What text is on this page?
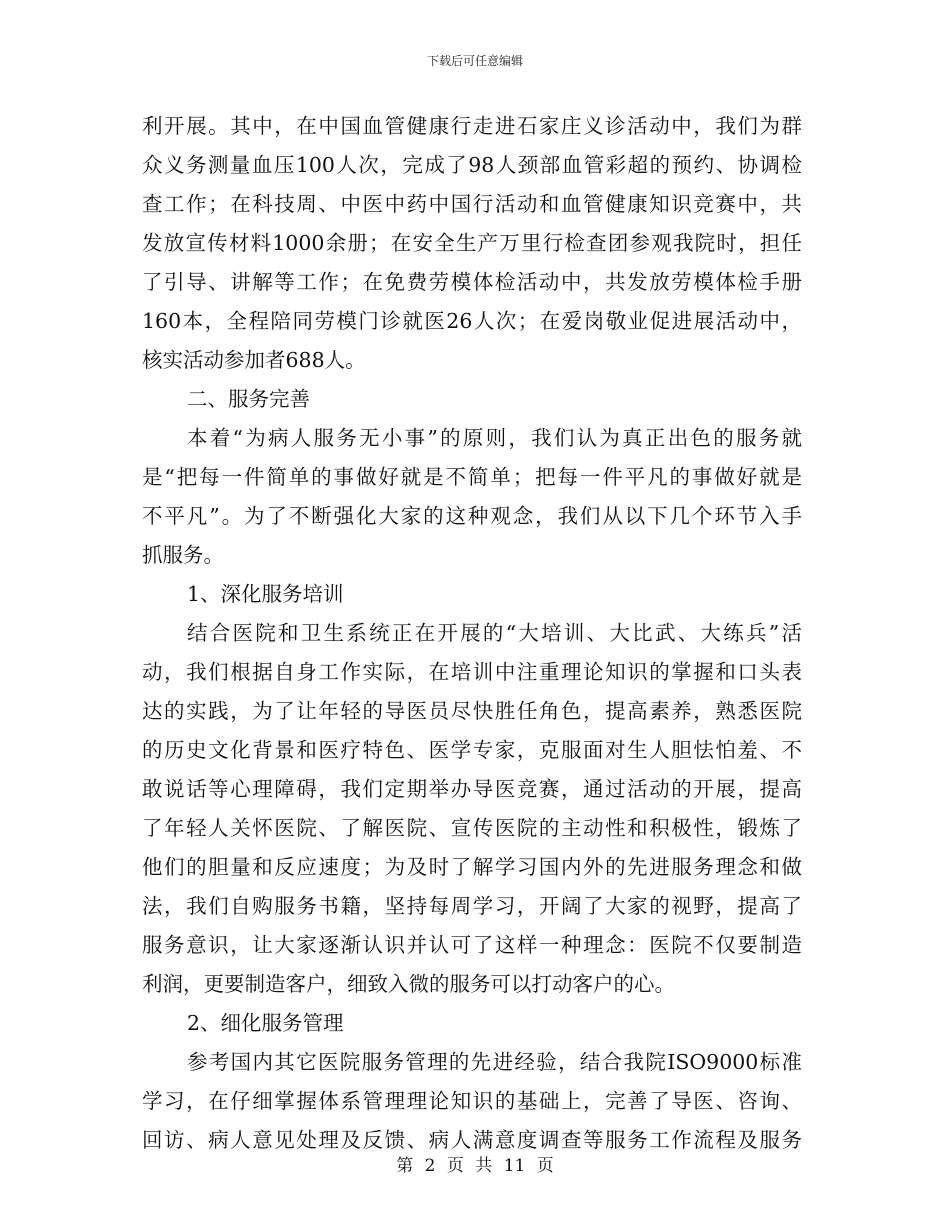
下载后可任意编辑
利开展。其中，在中国血管健康行走进石家庄义诊活动中，我们为群
众义务测量血压100人次，完成了98人颈部血管彩超的预约、协调检
查工作；在科技周、中医中药中国行活动和血管健康知识竞赛中，共
发放宣传材料1000余册；在安全生产万里行检查团参观我院时，担任
了引导、讲解等工作；在免费劳模体检活动中，共发放劳模体检手册
160本，全程陪同劳模门诊就医26人次；在爱岗敬业促进展活动中，
核实活动参加者688人。
二、服务完善
本着“为病人服务无小事”的原则，我们认为真正出色的服务就
是“把每一件简单的事做好就是不简单；把每一件平凡的事做好就是
不平凡”。为了不断强化大家的这种观念，我们从以下几个环节入手
抓服务。
1、深化服务培训
结合医院和卫生系统正在开展的“大培训、大比武、大练兵”活
动，我们根据自身工作实际，在培训中注重理论知识的掌握和口头表
达的实践，为了让年轻的导医员尽快胜任角色，提高素养，熟悉医院
的历史文化背景和医疗特色、医学专家，克服面对生人胆怯怕羞、不
敢说话等心理障碍，我们定期举办导医竞赛，通过活动的开展，提高
了年轻人关怀医院、了解医院、宣传医院的主动性和积极性，锻炼了
他们的胆量和反应速度；为及时了解学习国内外的先进服务理念和做
法，我们自购服务书籍，坚持每周学习，开阔了大家的视野，提高了
服务意识，让大家逐渐认识并认可了这样一种理念：医院不仅要制造
利润，更要制造客户，细致入微的服务可以打动客户的心。
2、细化服务管理
参考国内其它医院服务管理的先进经验，结合我院ISO9000标准
学习，在仔细掌握体系管理理论知识的基础上，完善了导医、咨询、
回访、病人意见处理及反馈、病人满意度调查等服务工作流程及服务
第 2 页 共 11 页
